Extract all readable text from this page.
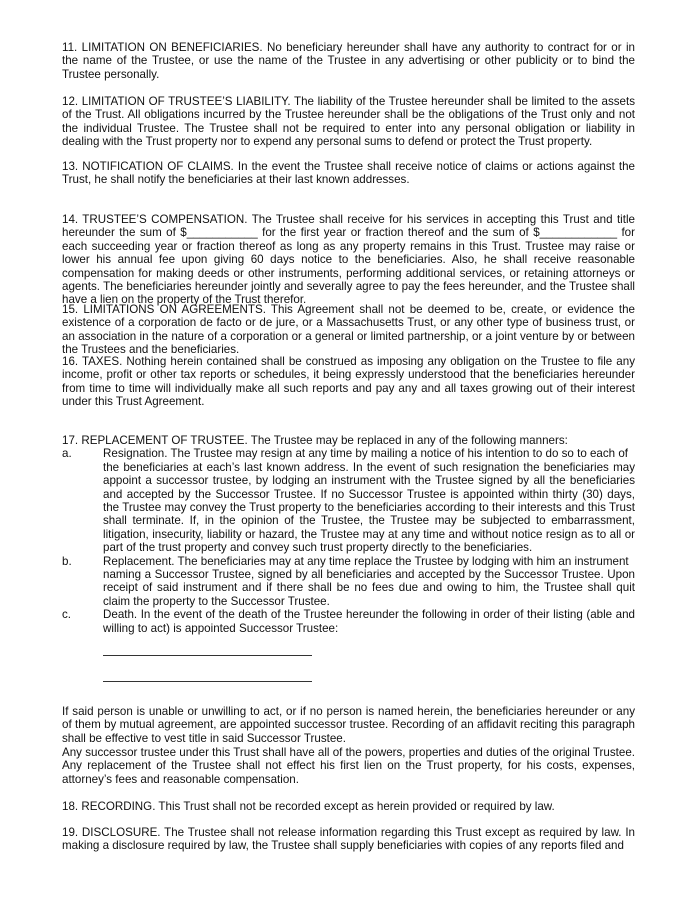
11. LIMITATION ON BENEFICIARIES. No beneficiary hereunder shall have any authority to contract for or in the name of the Trustee, or use the name of the Trustee in any advertising or other publicity or to bind the Trustee personally.

12. LIMITATION OF TRUSTEE’S LIABILITY. The liability of the Trustee hereunder shall be limited to the assets of the Trust. All obligations incurred by the Trustee hereunder shall be the obligations of the Trust only and not the individual Trustee. The Trustee shall not be required to enter into any personal obligation or liability in dealing with the Trust property nor to expend any personal sums to defend or protect the Trust property.

13. NOTIFICATION OF CLAIMS. In the event the Trustee shall receive notice of claims or actions against the Trust, he shall notify the beneficiaries at their last known addresses.

14. TRUSTEE’S COMPENSATION. The Trustee shall receive for his services in accepting this Trust and title hereunder the sum of $___________ for the first year or fraction thereof and the sum of $____________ for each succeeding year or fraction thereof as long as any property remains in this Trust. Trustee may raise or lower his annual fee upon giving 60 days notice to the beneficiaries. Also, he shall receive reasonable compensation for making deeds or other instruments, performing additional services, or retaining attorneys or agents. The beneficiaries hereunder jointly and severally agree to pay the fees hereunder, and the Trustee shall have a lien on the property of the Trust therefor.

15. LIMITATIONS ON AGREEMENTS. This Agreement shall not be deemed to be, create, or evidence the existence of a corporation de facto or de jure, or a Massachusetts Trust, or any other type of business trust, or an association in the nature of a corporation or a general or limited partnership, or a joint venture by or between the Trustees and the beneficiaries.

16. TAXES. Nothing herein contained shall be construed as imposing any obligation on the Trustee to file any income, profit or other tax reports or schedules, it being expressly understood that the beneficiaries hereunder from time to time will individually make all such reports and pay any and all taxes growing out of their interest under this Trust Agreement.

17. REPLACEMENT OF TRUSTEE. The Trustee may be replaced in any of the following manners:
a.	Resignation. The Trustee may resign at any time by mailing a notice of his intention to do so to each of
the beneficiaries at each’s last known address. In the event of such resignation the beneficiaries may appoint a successor trustee, by lodging an instrument with the Trustee signed by all the beneficiaries and accepted by the Successor Trustee. If no Successor Trustee is appointed within thirty (30) days, the Trustee may convey the Trust property to the beneficiaries according to their interests and this Trust shall terminate. If, in the opinion of the Trustee, the Trustee may be subjected to embarrassment, litigation, insecurity, liability or hazard, the Trustee may at any time and without notice resign as to all or part of the trust property and convey such trust property directly to the beneficiaries.
b.	Replacement. The beneficiaries may at any time replace the Trustee by lodging with him an instrument
naming a Successor Trustee, signed by all beneficiaries and accepted by the Successor Trustee. Upon receipt of said instrument and if there shall be no fees due and owing to him, the Trustee shall quit claim the property to the Successor Trustee.
c.	Death. In the event of the death of the Trustee hereunder the following in order of their listing (able and willing to act) is appointed Successor Trustee:

If said person is unable or unwilling to act, or if no person is named herein, the beneficiaries hereunder or any of them by mutual agreement, are appointed successor trustee. Recording of an affidavit reciting this paragraph shall be effective to vest title in said Successor Trustee.

Any successor trustee under this Trust shall have all of the powers, properties and duties of the original Trustee. Any replacement of the Trustee shall not effect his first lien on the Trust property, for his costs, expenses, attorney’s fees and reasonable compensation.

18. RECORDING. This Trust shall not be recorded except as herein provided or required by law.

19. DISCLOSURE. The Trustee shall not release information regarding this Trust except as required by law. In making a disclosure required by law, the Trustee shall supply beneficiaries with copies of any reports filed and
